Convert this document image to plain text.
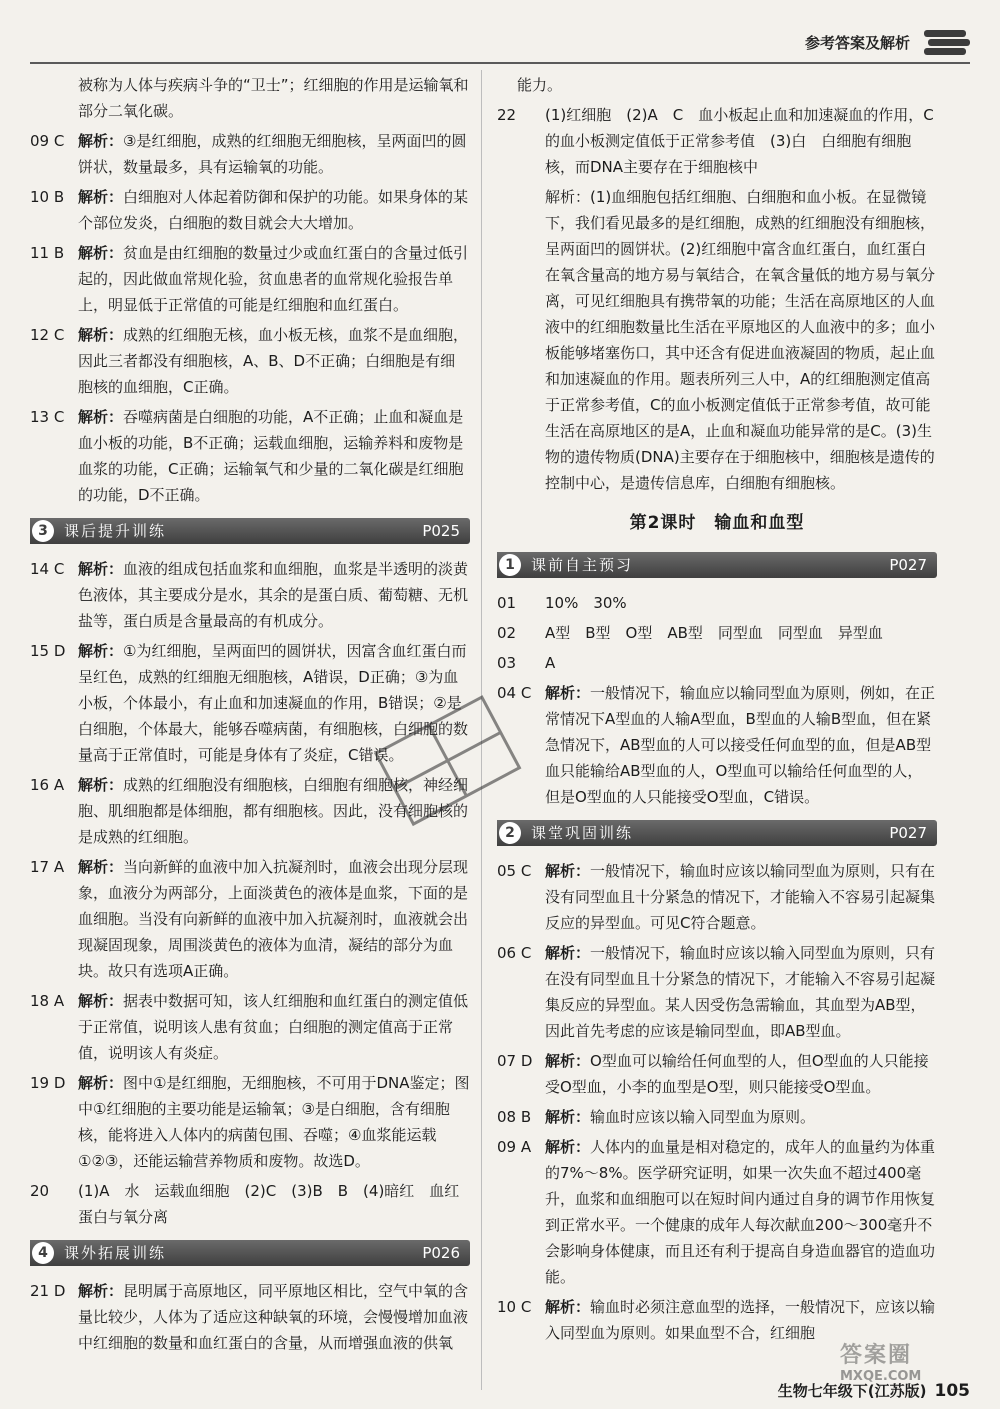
参考答案及解析

被称为人体与疾病斗争的“卫士”；红细胞的作用是运输氧和部分二氧化碳。

09 C 解析：③是红细胞，成熟的红细胞无细胞核，呈两面凹的圆饼状，数量最多，具有运输氧的功能。

10 B 解析：白细胞对人体起着防御和保护的功能。如果身体的某个部位发炎，白细胞的数目就会大大增加。

11 B 解析：贫血是由红细胞的数量过少或血红蛋白的含量过低引起的，因此做血常规化验，贫血患者的血常规化验报告单上，明显低于正常值的可能是红细胞和血红蛋白。

12 C 解析：成熟的红细胞无核，血小板无核，血浆不是血细胞，因此三者都没有细胞核，A、B、D不正确；白细胞是有细胞核的血细胞，C正确。

13 C 解析：吞噬病菌是白细胞的功能，A不正确；止血和凝血是血小板的功能，B不正确；运载血细胞，运输养料和废物是血浆的功能，C正确；运输氧气和少量的二氧化碳是红细胞的功能，D不正确。

3	课后提升训练	P025

14 C 解析：血液的组成包括血浆和血细胞，血浆是半透明的淡黄色液体，其主要成分是水，其余的是蛋白质、葡萄糖、无机盐等，蛋白质是含量最高的有机成分。

15 D 解析：①为红细胞，呈两面凹的圆饼状，因富含血红蛋白而呈红色，成熟的红细胞无细胞核，A错误，D正确；③为血小板，个体最小，有止血和加速凝血的作用，B错误；②是白细胞，个体最大，能够吞噬病菌，有细胞核，白细胞的数量高于正常值时，可能是身体有了炎症，C错误。

16 A 解析：成熟的红细胞没有细胞核，白细胞有细胞核，神经细胞、肌细胞都是体细胞，都有细胞核。因此，没有细胞核的是成熟的红细胞。

17 A 解析：当向新鲜的血液中加入抗凝剂时，血液会出现分层现象，血液分为两部分，上面淡黄色的液体是血浆，下面的是血细胞。当没有向新鲜的血液中加入抗凝剂时，血液就会出现凝固现象，周围淡黄色的液体为血清，凝结的部分为血块。故只有选项A正确。

18 A 解析：据表中数据可知，该人红细胞和血红蛋白的测定值低于正常值，说明该人患有贫血；白细胞的测定值高于正常值，说明该人有炎症。

19 D 解析：图中①是红细胞，无细胞核，不可用于DNA鉴定；图中①红细胞的主要功能是运输氧；③是白细胞，含有细胞核，能将进入人体内的病菌包围、吞噬；④血浆能运载①②③，还能运输营养物质和废物。故选D。

20 (1)A　水　运载血细胞　(2)C　(3)B　B　(4)暗红　血红蛋白与氧分离

4	课外拓展训练	P026

21 D 解析：昆明属于高原地区，同平原地区相比，空气中氧的含量比较少，人体为了适应这种缺氧的环境，会慢慢增加血液中红细胞的数量和血红蛋白的含量，从而增强血液的供氧

能力。

22 (1)红细胞　(2)A　C　血小板起止血和加速凝血的作用，C的血小板测定值低于正常参考值　(3)白　白细胞有细胞核，而DNA主要存在于细胞核中

解析：(1)血细胞包括红细胞、白细胞和血小板。在显微镜下，我们看见最多的是红细胞，成熟的红细胞没有细胞核，呈两面凹的圆饼状。(2)红细胞中富含血红蛋白，血红蛋白在氧含量高的地方易与氧结合，在氧含量低的地方易与氧分离，可见红细胞具有携带氧的功能；生活在高原地区的人血液中的红细胞数量比生活在平原地区的人血液中的多；血小板能够堵塞伤口，其中还含有促进血液凝固的物质，起止血和加速凝血的作用。题表所列三人中，A的红细胞测定值高于正常参考值，C的血小板测定值低于正常参考值，故可能生活在高原地区的是A，止血和凝血功能异常的是C。(3)生物的遗传物质(DNA)主要存在于细胞核中，细胞核是遗传的控制中心，是遗传信息库，白细胞有细胞核。

第2课时　输血和血型
1	课前自主预习	P027

01 10%　30%

02 A型　B型　O型　AB型　同型血　同型血　异型血

03 A

04 C 解析：一般情况下，输血应以输同型血为原则，例如，在正常情况下A型血的人输A型血，B型血的人输B型血，但在紧急情况下，AB型血的人可以接受任何血型的血，但是AB型血只能输给AB型血的人，O型血可以输给任何血型的人，但是O型血的人只能接受O型血，C错误。

2	课堂巩固训练	P027

05 C 解析：一般情况下，输血时应该以输同型血为原则，只有在没有同型血且十分紧急的情况下，才能输入不容易引起凝集反应的异型血。可见C符合题意。

06 C 解析：一般情况下，输血时应该以输入同型血为原则，只有在没有同型血且十分紧急的情况下，才能输入不容易引起凝集反应的异型血。某人因受伤急需输血，其血型为AB型，因此首先考虑的应该是输同型血，即AB型血。

07 D 解析：O型血可以输给任何血型的人，但O型血的人只能接受O型血，小李的血型是O型，则只能接受O型血。

08 B 解析：输血时应该以输入同型血为原则。

09 A 解析：人体内的血量是相对稳定的，成年人的血量约为体重的7%～8%。医学研究证明，如果一次失血不超过400毫升，血浆和血细胞可以在短时间内通过自身的调节作用恢复到正常水平。一个健康的成年人每次献血200～300毫升不会影响身体健康，而且还有利于提高自身造血器官的造血功能。

10 C 解析：输血时必须注意血型的选择，一般情况下，应该以输入同型血为原则。如果血型不合，红细胞

答案圈
MXQE.COM
生物七年级下(江苏版) 105
